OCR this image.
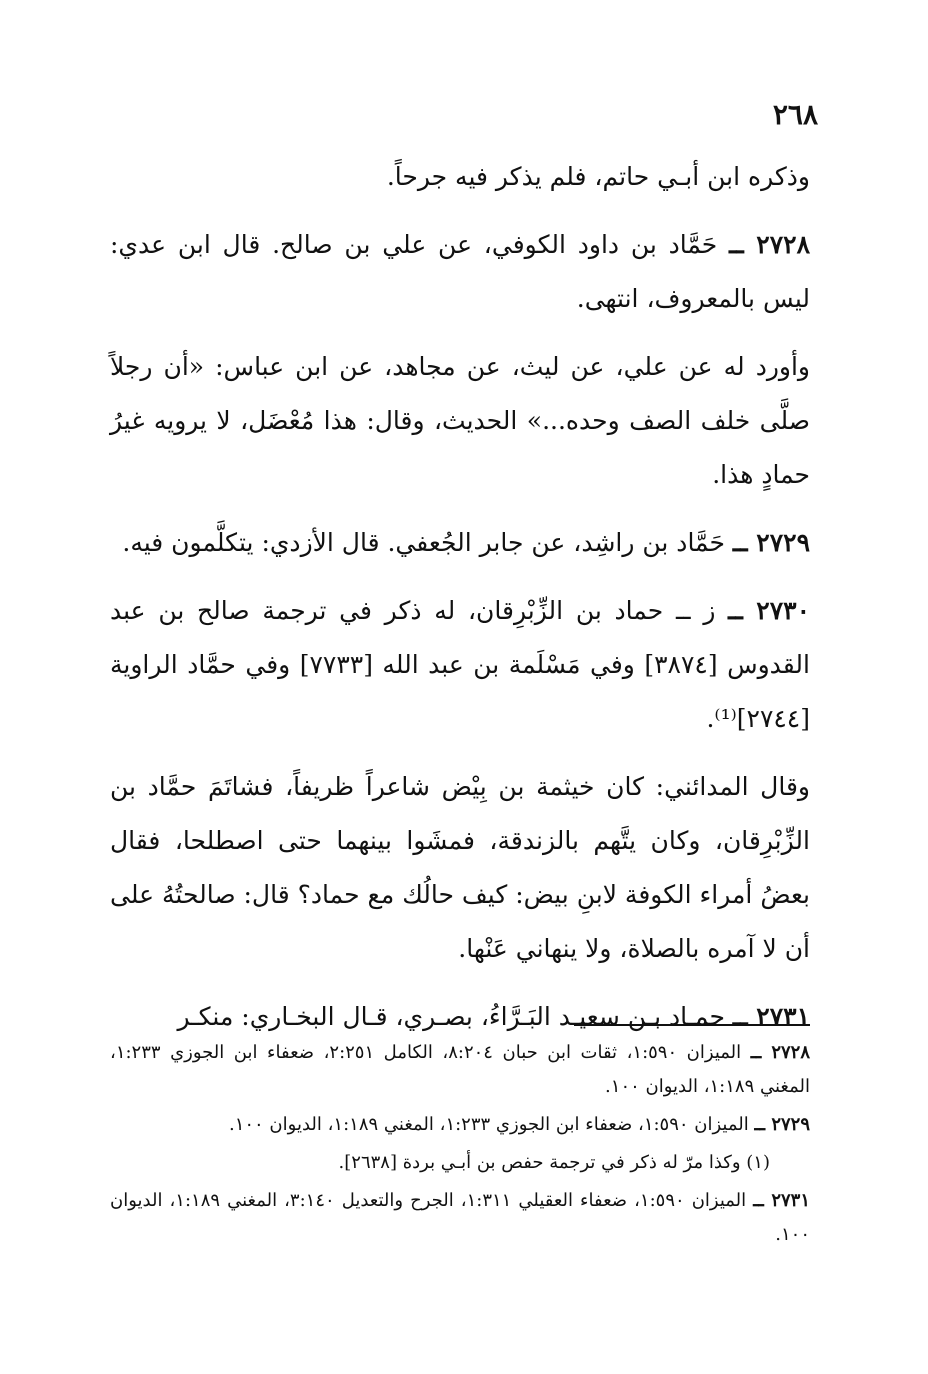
٢٦٨

وذكره ابن أبـي حاتم، فلم يذكر فيه جرحاً.

٢٧٢٨ ــ حَمَّاد بن داود الكوفي، عن علي بن صالح. قال ابن عدي: ليس بالمعروف، انتهى.

وأورد له عن علي، عن ليث، عن مجاهد، عن ابن عباس: «أن رجلاً صلَّى خلف الصف وحده...» الحديث، وقال: هذا مُعْضَل، لا يرويه غيرُ حمادٍ هذا.

٢٧٢٩ ــ حَمَّاد بن راشِد، عن جابر الجُعفي. قال الأزدي: يتكلَّمون فيه.

٢٧٣٠ ــ ز ــ حماد بن الزِّبْرِقان، له ذكر في ترجمة صالح بن عبد القدوس [٣٨٧٤] وفي مَسْلَمة بن عبد الله [٧٧٣٣] وفي حمَّاد الراوية [٢٧٤٤]⁽¹⁾.

وقال المدائني: كان خيثمة بن بِيْض شاعراً ظريفاً، فشاتَمَ حمَّاد بن الزِّبْرِقان، وكان يتَّهم بالزندقة، فمشَوا بينهما حتى اصطلحا، فقال بعضُ أمراء الكوفة لابنِ بيض: كيف حالُك مع حماد؟ قال: صالحتُهُ على أن لا آمره بالصلاة، ولا ينهاني عَنْها.

٢٧٣١ ــ حمـاد بـن سعيـد البَـرَّاءُ، بصـري، قـال البخـاري: منكـر

٢٧٢٨ ــ الميزان ١:٥٩٠، ثقات ابن حبان ٨:٢٠٤، الكامل ٢:٢٥١، ضعفاء ابن الجوزي ١:٢٣٣، المغني ١:١٨٩، الديوان ١٠٠.

٢٧٢٩ ــ الميزان ١:٥٩٠، ضعفاء ابن الجوزي ١:٢٣٣، المغني ١:١٨٩، الديوان ١٠٠.

(١) وكذا مرّ له ذكر في ترجمة حفص بن أبـي بردة [٢٦٣٨].

٢٧٣١ ــ الميزان ١:٥٩٠، ضعفاء العقيلي ١:٣١١، الجرح والتعديل ٣:١٤٠، المغني ١:١٨٩، الديوان ١٠٠.
